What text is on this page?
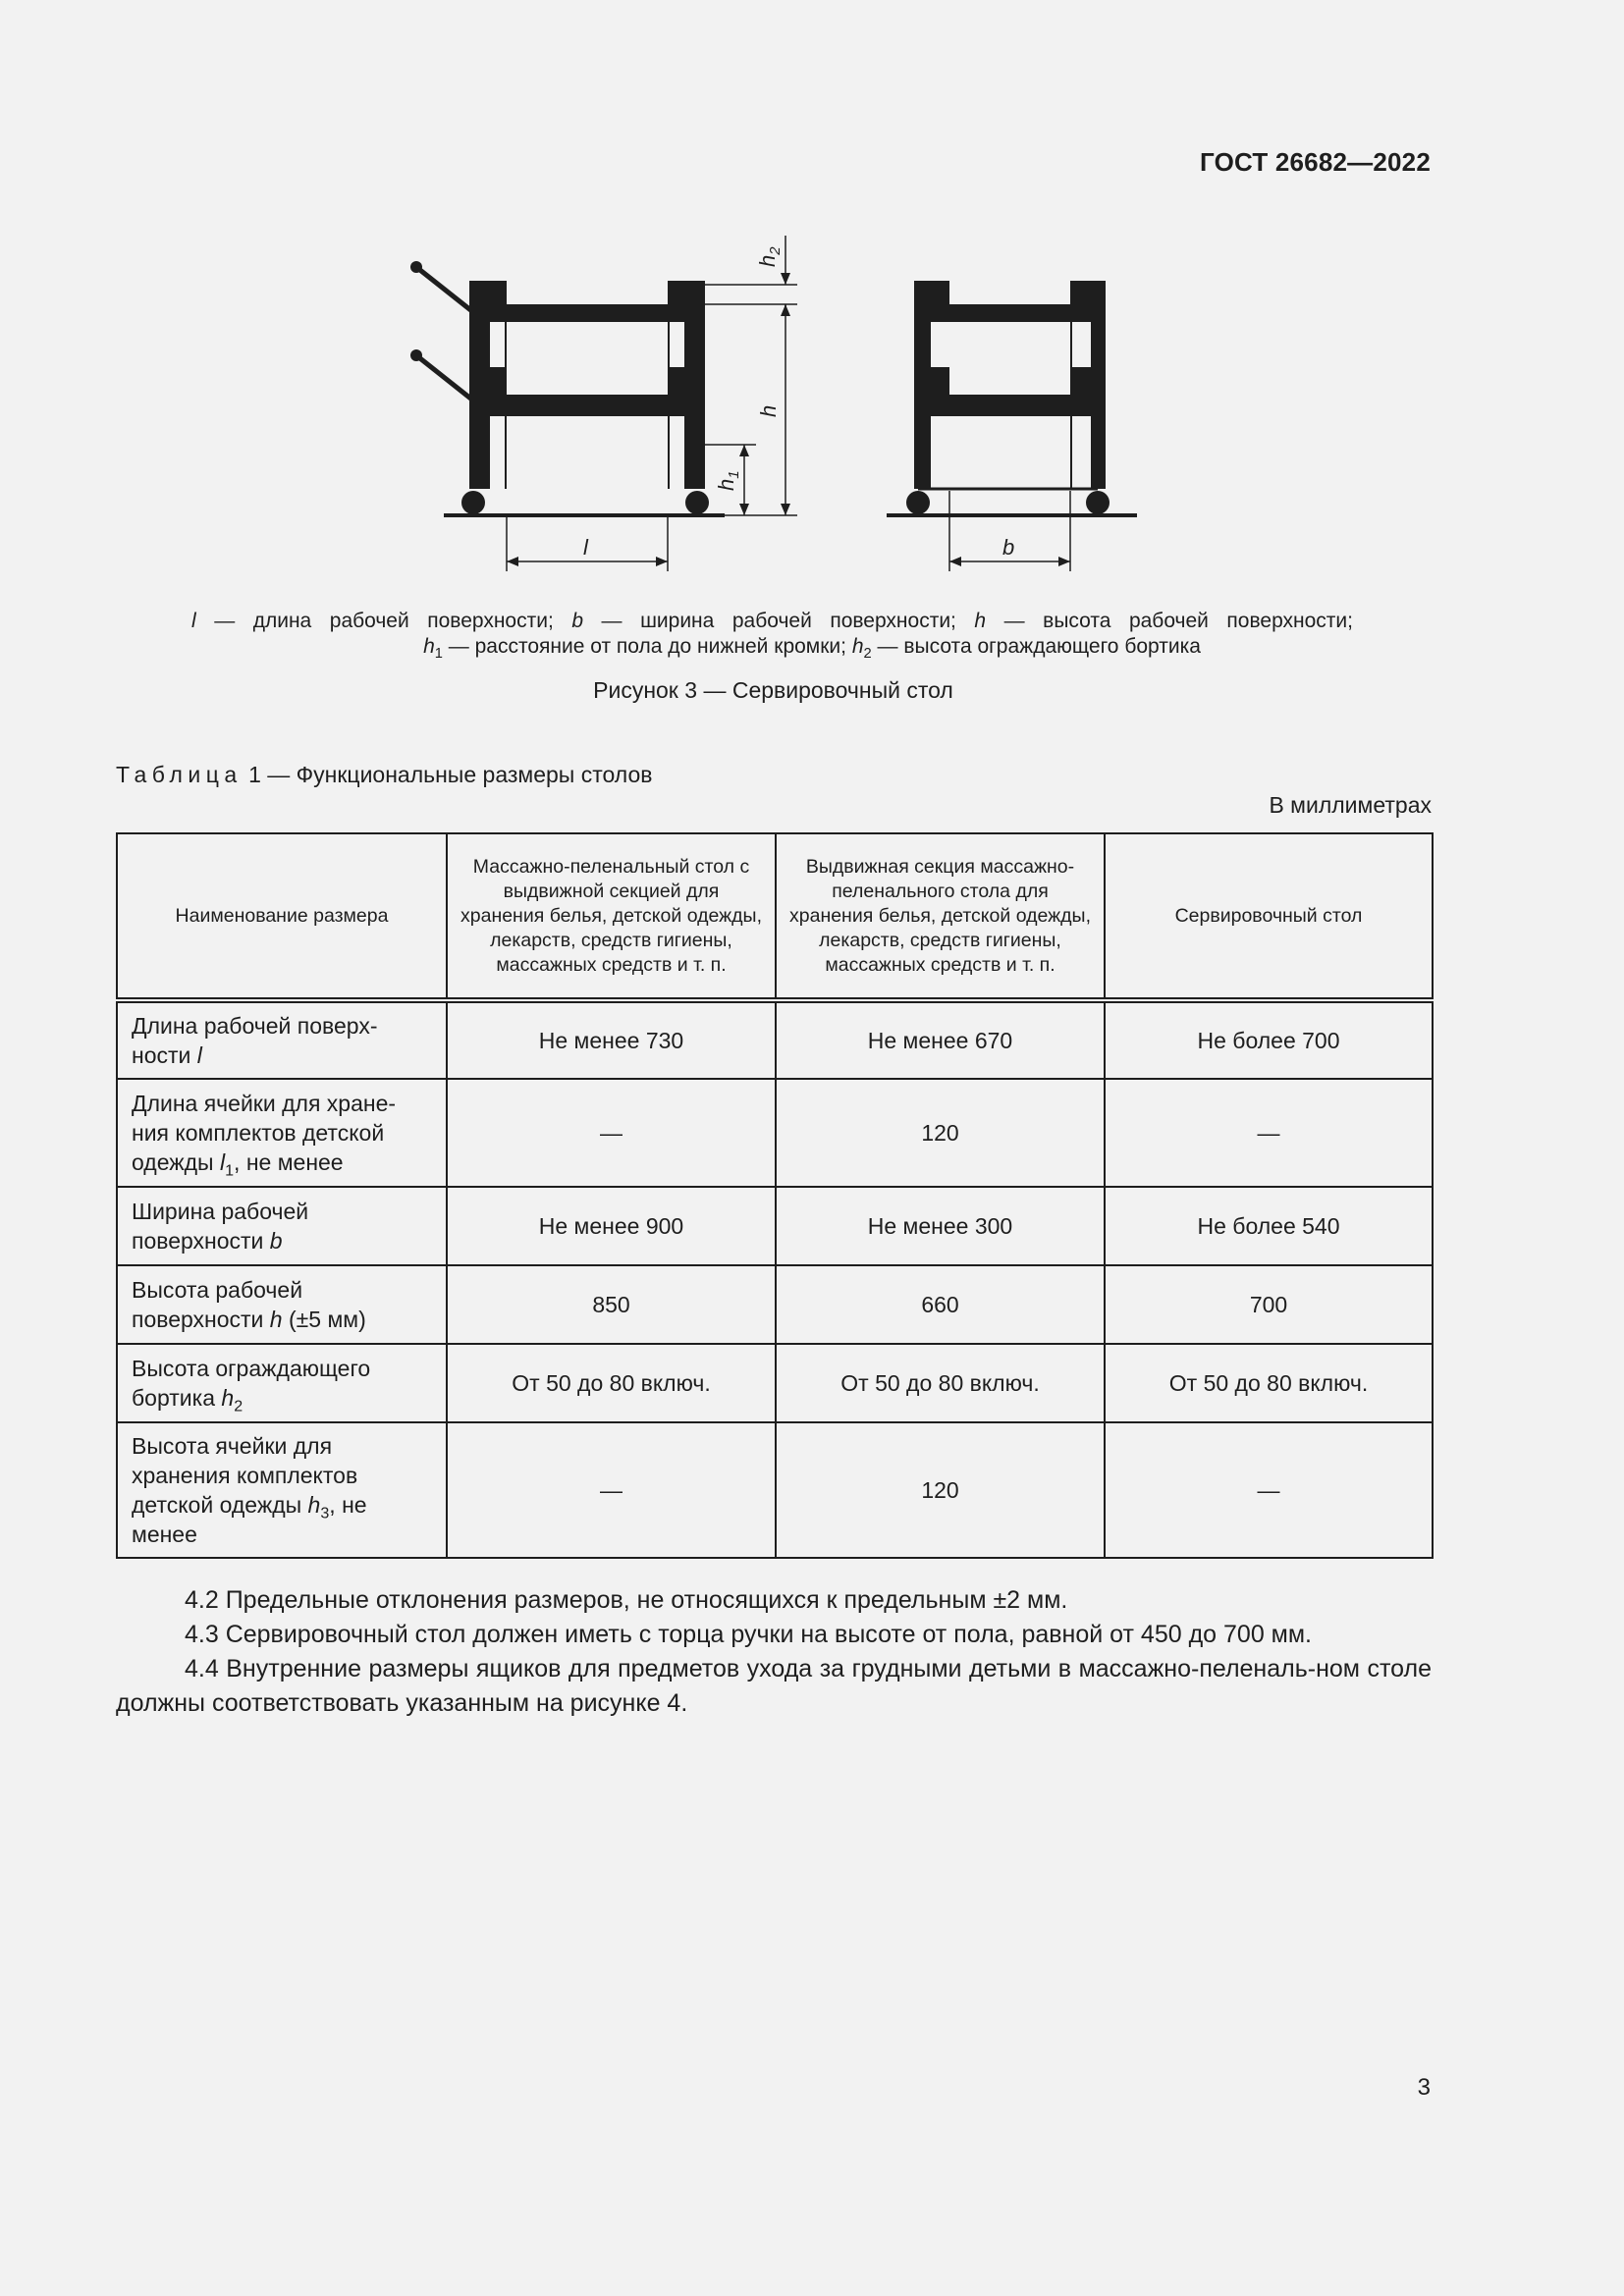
ГОСТ 26682—2022
$h_2$
h
$h_1$
l	b
l — длина рабочей поверхности; b — ширина рабочей поверхности; h — высота рабочей поверхности;
$h_1$ — расстояние от пола до нижней кромки; $h_2$ — высота ограждающего бортика
Рисунок 3 — Сервировочный стол
Таблица 1 — Функциональные размеры столов
В миллиметрах
Наименование размера	Массажно-пеленальный стол с выдвижной секцией для хранения белья, детской одежды, лекарств, средств гигиены, массажных средств и т. п.	Выдвижная секция массажно-пеленального стола для хранения белья, детской одежды, лекарств, средств гигиены, массажных средств и т. п.	Сервировочный стол
Длина рабочей поверх-ности l	Не менее 730	Не менее 670	Не более 700
Длина ячейки для хране-ния комплектов детской одежды $l_1$, не менее	—	120	—
Ширина рабочей поверхности b	Не менее 900	Не менее 300	Не более 540
Высота рабочей поверхности h (±5 мм)	850	660	700
Высота ограждающего бортика $h_2$	От 50 до 80 включ.	От 50 до 80 включ.	От 50 до 80 включ.
Высота ячейки для хранения комплектов детской одежды $h_3$, не менее	—	120	—

4.2 Предельные отклонения размеров, не относящихся к предельным ±2 мм.

4.3 Сервировочный стол должен иметь с торца ручки на высоте от пола, равной от 450 до 700 мм.

4.4 Внутренние размеры ящиков для предметов ухода за грудными детьми в массажно-пеленаль-ном столе должны соответствовать указанным на рисунке 4.

3
